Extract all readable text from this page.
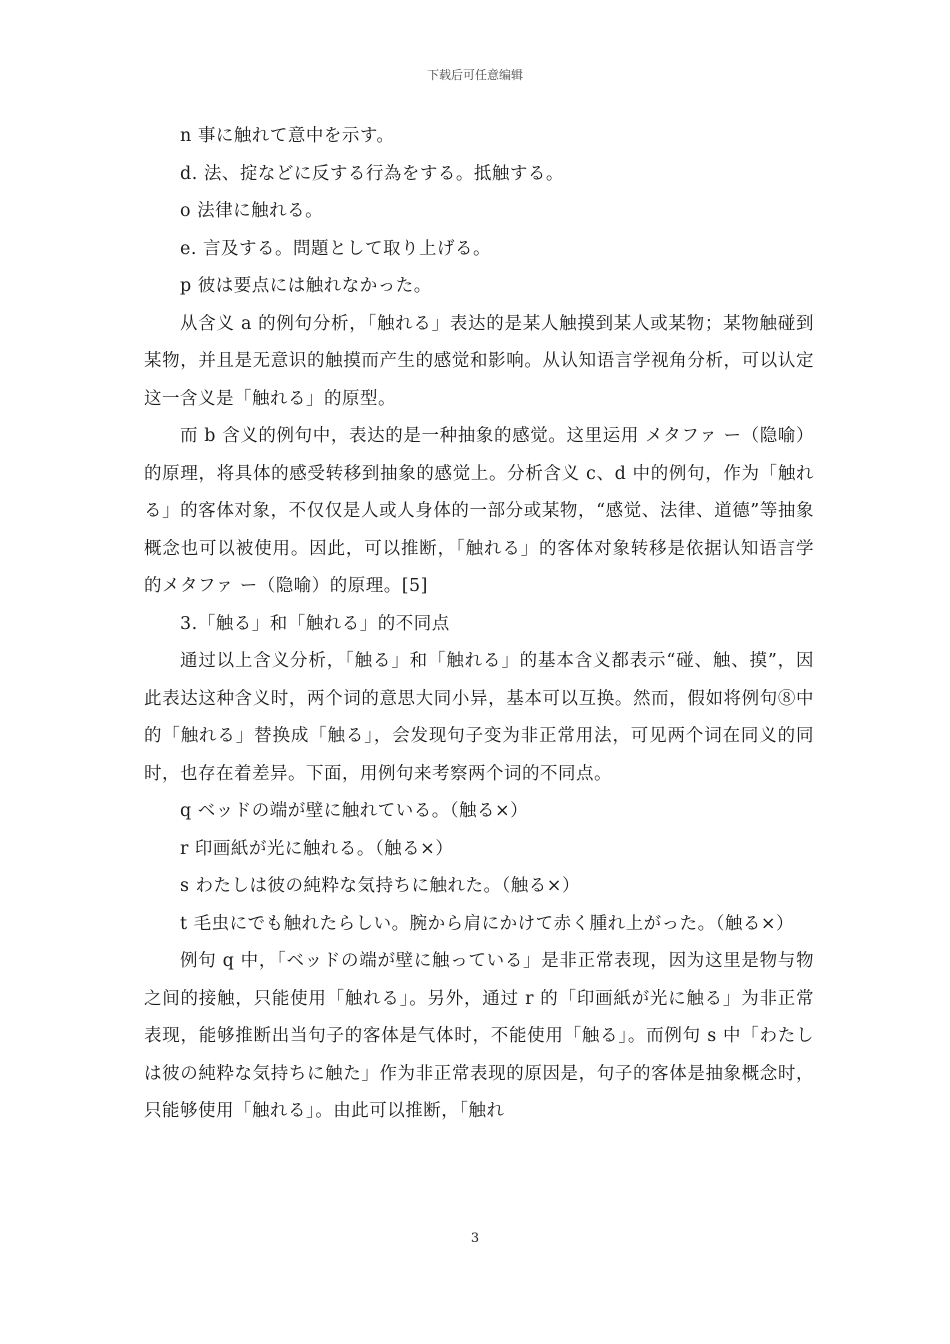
下载后可任意编辑
n 事に触れて意中を示す。
d. 法、掟などに反する行為をする。抵触する。
o 法律に触れる。
e. 言及する。問題として取り上げる。
p 彼は要点には触れなかった。
从含义 a 的例句分析，「触れる」表达的是某人触摸到某人或某物；某物触碰到某物，并且是无意识的触摸而产生的感觉和影响。从认知语言学视角分析，可以认定这一含义是「触れる」的原型。
而 b 含义的例句中，表达的是一种抽象的感觉。这里运用 メタファ ー（隐喻）的原理，将具体的感受转移到抽象的感觉上。分析含义 c、d 中的例句，作为「触れる」的客体对象，不仅仅是人或人身体的一部分或某物，“感觉、法律、道德”等抽象概念也可以被使用。因此，可以推断，「触れる」的客体对象转移是依据认知语言学的メタファ ー（隐喻）的原理。[5]
3.「触る」和「触れる」的不同点
通过以上含义分析，「触る」和「触れる」的基本含义都表示“碰、触、摸”，因此表达这种含义时，两个词的意思大同小异，基本可以互换。然而，假如将例句⑧中的「触れる」替换成「触る」，会发现句子变为非正常用法，可见两个词在同义的同时，也存在着差异。下面，用例句来考察两个词的不同点。
q ベッドの端が壁に触れている。（触る×）
r 印画紙が光に触れる。（触る×）
s わたしは彼の純粋な気持ちに触れた。（触る×）
t 毛虫にでも触れたらしい。腕から肩にかけて赤く腫れ上がった。（触る×）
例句 q 中，「ベッドの端が壁に触っている」是非正常表现，因为这里是物与物之间的接触，只能使用「触れる」。另外，通过 r 的「印画紙が光に触る」为非正常表现，能够推断出当句子的客体是气体时，不能使用「触る」。而例句 s 中「わたしは彼の純粋な気持ちに触た」作为非正常表现的原因是，句子的客体是抽象概念时，只能够使用「触れる」。由此可以推断，「触れ
3
